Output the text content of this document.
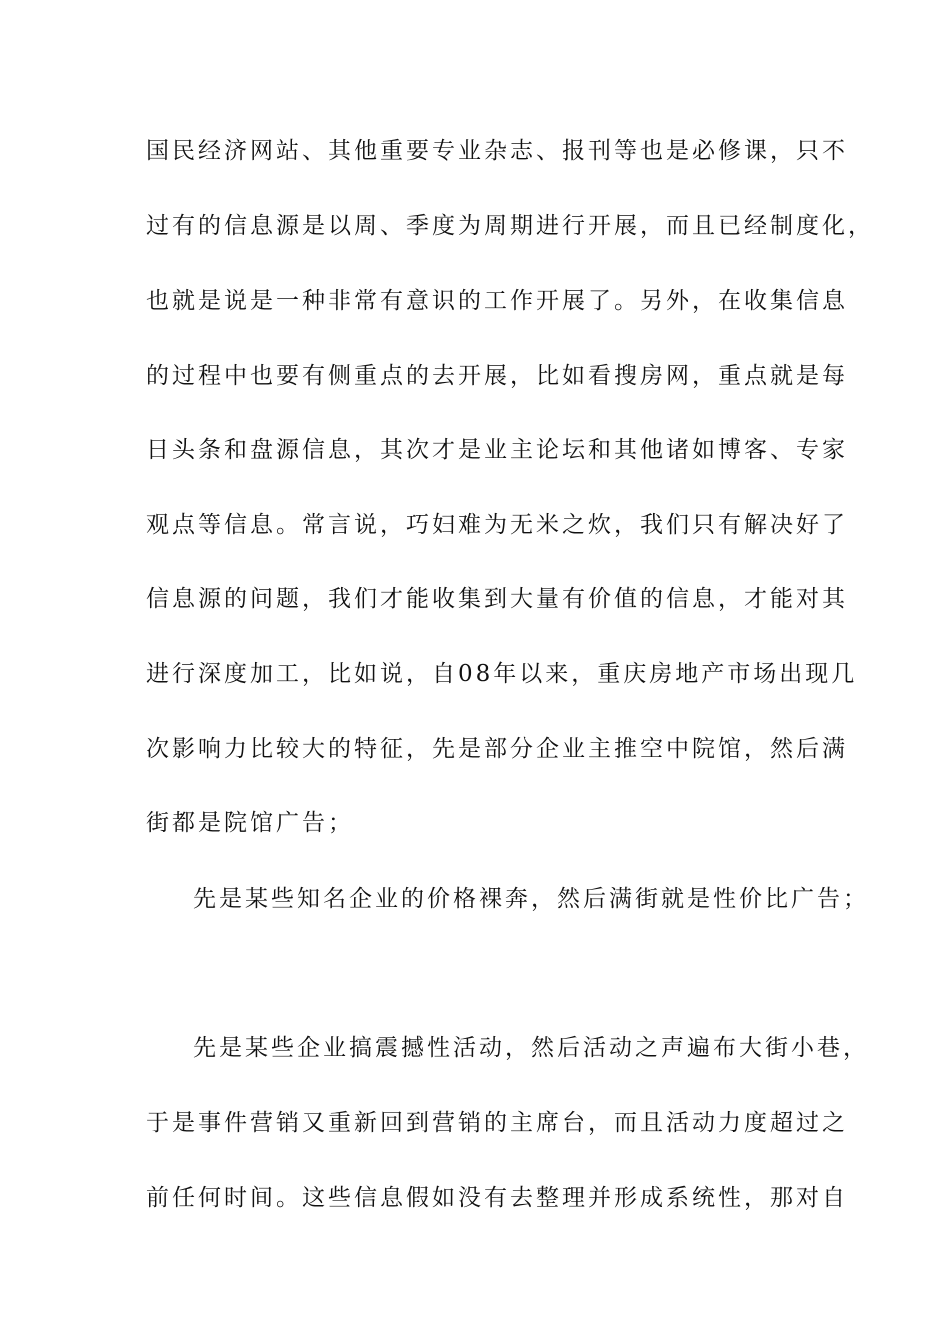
国民经济网站、其他重要专业杂志、报刊等也是必修课，只不

过有的信息源是以周、季度为周期进行开展，而且已经制度化，

也就是说是一种非常有意识的工作开展了。另外，在收集信息

的过程中也要有侧重点的去开展，比如看搜房网，重点就是每

日头条和盘源信息，其次才是业主论坛和其他诸如博客、专家

观点等信息。常言说，巧妇难为无米之炊，我们只有解决好了

信息源的问题，我们才能收集到大量有价值的信息，才能对其

进行深度加工，比如说，自08年以来，重庆房地产市场出现几

次影响力比较大的特征，先是部分企业主推空中院馆，然后满

街都是院馆广告；

先是某些知名企业的价格裸奔，然后满街就是性价比广告；

先是某些企业搞震撼性活动，然后活动之声遍布大街小巷，

于是事件营销又重新回到营销的主席台，而且活动力度超过之

前任何时间。这些信息假如没有去整理并形成系统性，那对自
